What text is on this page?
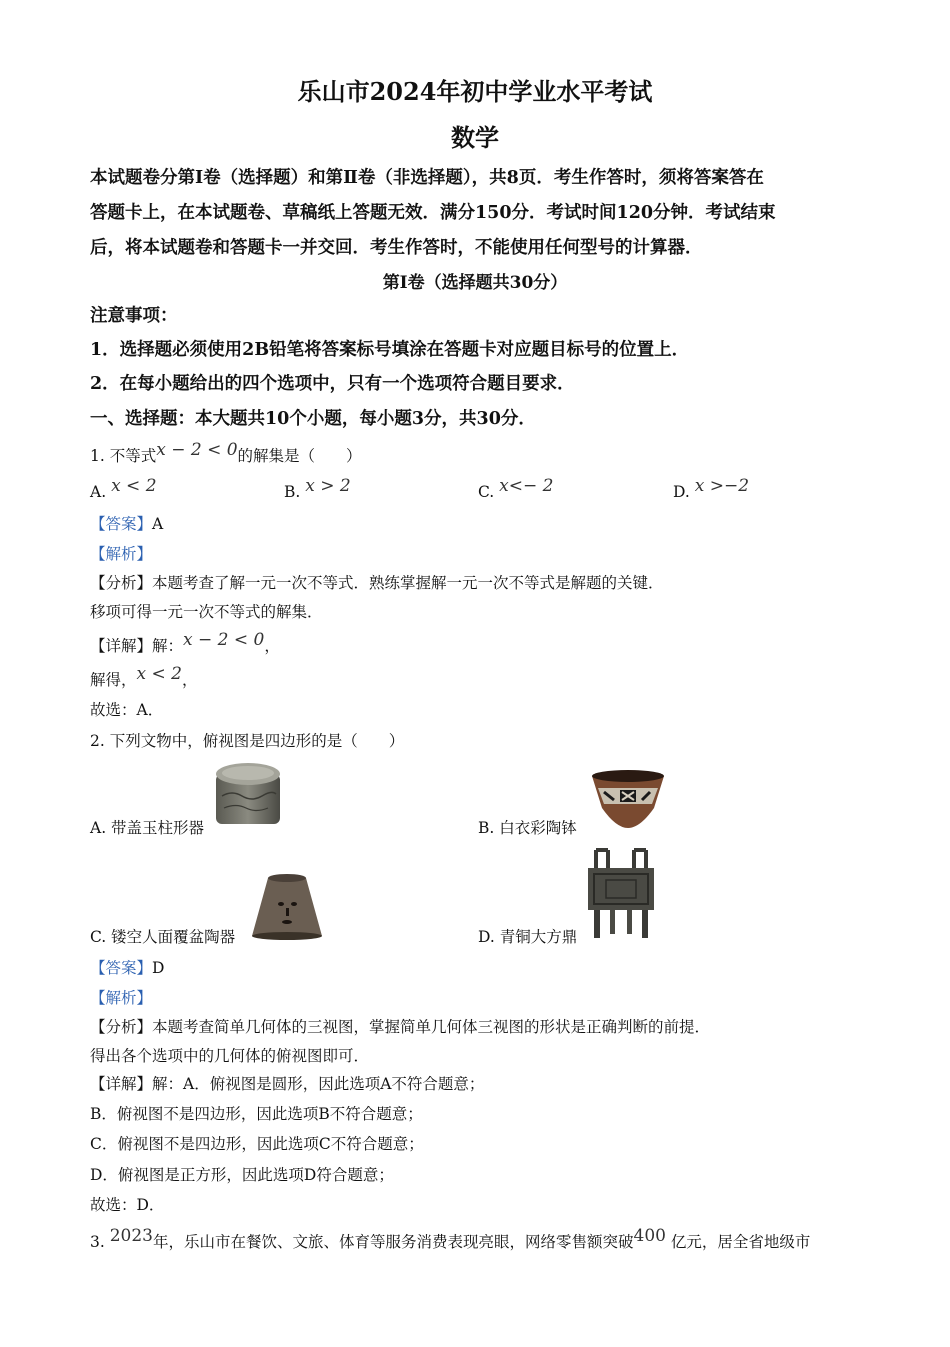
乐山市2024年初中学业水平考试
数学
本试题卷分第Ⅰ卷（选择题）和第Ⅱ卷（非选择题），共8页．考生作答时，须将答案答在
答题卡上，在本试题卷、草稿纸上答题无效．满分150分．考试时间120分钟．考试结束
后，将本试题卷和答题卡一并交回．考生作答时，不能使用任何型号的计算器．
第Ⅰ卷（选择题共30分）
注意事项：
1．选择题必须使用2B铅笔将答案标号填涂在答题卡对应题目标号的位置上．
2．在每小题给出的四个选项中，只有一个选项符合题目要求．
一、选择题：本大题共10个小题，每小题3分，共30分．
1. 不等式x − 2 < 0的解集是（　　）
A. x < 2	B. x > 2	C. x<− 2	D. x >−2
【答案】A
【解析】
【分析】本题考查了解一元一次不等式．熟练掌握解一元一次不等式是解题的关键．
移项可得一元一次不等式的解集．
【详解】解：x − 2 < 0，
解得，x < 2，
故选：A．
2. 下列文物中，俯视图是四边形的是（　　）
A. 带盖玉柱形器	B. 白衣彩陶钵
C. 镂空人面覆盆陶器	D. 青铜大方鼎
【答案】D
【解析】
【分析】本题考查简单几何体的三视图，掌握简单几何体三视图的形状是正确判断的前提．
得出各个选项中的几何体的俯视图即可．
【详解】解：A．俯视图是圆形，因此选项A不符合题意；
B．俯视图不是四边形，因此选项B不符合题意；
C．俯视图不是四边形，因此选项C不符合题意；
D．俯视图是正方形，因此选项D符合题意；
故选：D．
3. 2023年，乐山市在餐饮、文旅、体育等服务消费表现亮眼，网络零售额突破400 亿元，居全省地级市
